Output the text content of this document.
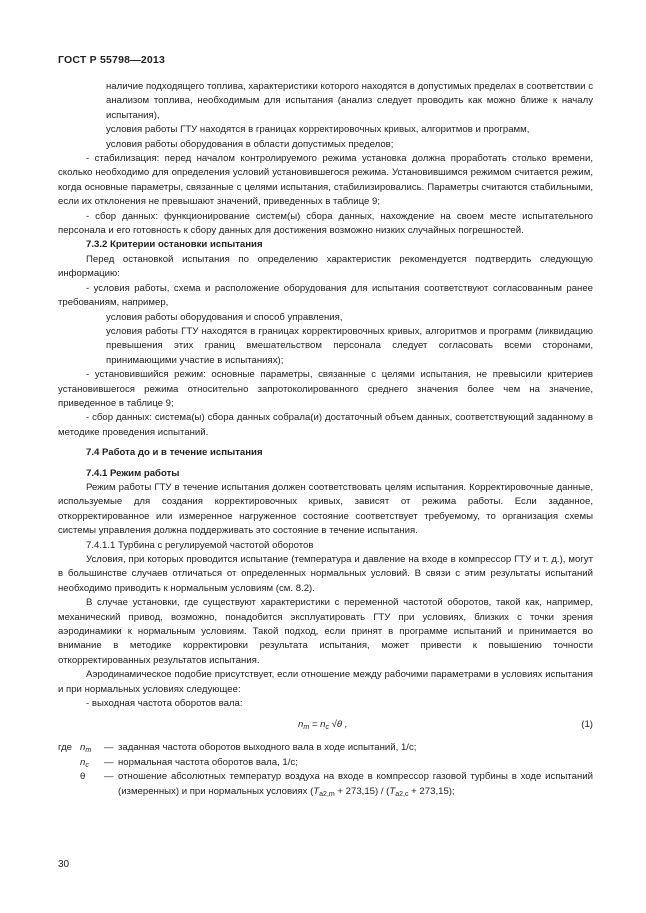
ГОСТ Р 55798—2013

наличие подходящего топлива, характеристики которого находятся в допустимых пределах в соответствии с анализом топлива, необходимым для испытания (анализ следует проводить как можно ближе к началу испытания),

условия работы ГТУ находятся в границах корректировочных кривых, алгоритмов и программ,

условия работы оборудования в области допустимых пределов;

- стабилизация: перед началом контролируемого режима установка должна проработать столько времени, сколько необходимо для определения условий установившегося режима. Установившимся режимом считается режим, когда основные параметры, связанные с целями испытания, стабилизировались. Параметры считаются стабильными, если их отклонения не превышают значений, приведенных в таблице 9;

- сбор данных: функционирование систем(ы) сбора данных, нахождение на своем месте испытательного персонала и его готовность к сбору данных для достижения возможно низких случайных погрешностей.

7.3.2 Критерии остановки испытания

Перед остановкой испытания по определению характеристик рекомендуется подтвердить следующую информацию:

- условия работы, схема и расположение оборудования для испытания соответствуют согласованным ранее требованиям, например,

условия работы оборудования и способ управления,

условия работы ГТУ находятся в границах корректировочных кривых, алгоритмов и программ (ликвидацию превышения этих границ вмешательством персонала следует согласовать всеми сторонами, принимающими участие в испытаниях);

- установившийся режим: основные параметры, связанные с целями испытания, не превысили критериев установившегося режима относительно запротоколированного среднего значения более чем на значение, приведенное в таблице 9;

- сбор данных: система(ы) сбора данных собрала(и) достаточный объем данных, соответствующий заданному в методике проведения испытаний.

7.4 Работа до и в течение испытания

7.4.1 Режим работы

Режим работы ГТУ в течение испытания должен соответствовать целям испытания. Корректировочные данные, используемые для создания корректировочных кривых, зависят от режима работы. Если заданное, откорректированное или измеренное нагруженное состояние соответствует требуемому, то организация схемы системы управления должна поддерживать это состояние в течение испытания.

7.4.1.1 Турбина с регулируемой частотой оборотов

Условия, при которых проводится испытание (температура и давление на входе в компрессор ГТУ и т. д.), могут в большинстве случаев отличаться от определенных нормальных условий. В связи с этим результаты испытаний необходимо приводить к нормальным условиям (см. 8.2).

В случае установки, где существуют характеристики с переменной частотой оборотов, такой как, например, механический привод, возможно, понадобится эксплуатировать ГТУ при условиях, близких с точки зрения аэродинамики к нормальным условиям. Такой подход, если принят в программе испытаний и принимается во внимание в методике корректировки результата испытания, может привести к повышению точности откорректированных результатов испытания.

Аэродинамическое подобие присутствует, если отношение между рабочими параметрами в условиях испытания и при нормальных условиях следующее:

- выходная частота оборотов вала:

$n_m = n_c$ √θ ,	(1)
где $n_m$ — заданная частота оборотов выходного вала в ходе испытаний, 1/с;
$n_c$ — нормальная частота оборотов вала, 1/с;
θ — отношение абсолютных температур воздуха на входе в компрессор газовой турбины в ходе испытаний (измеренных) и при нормальных условиях $(T_{a2,m} + 273,15) / (T_{a2,c} + 273,15)$;
30
